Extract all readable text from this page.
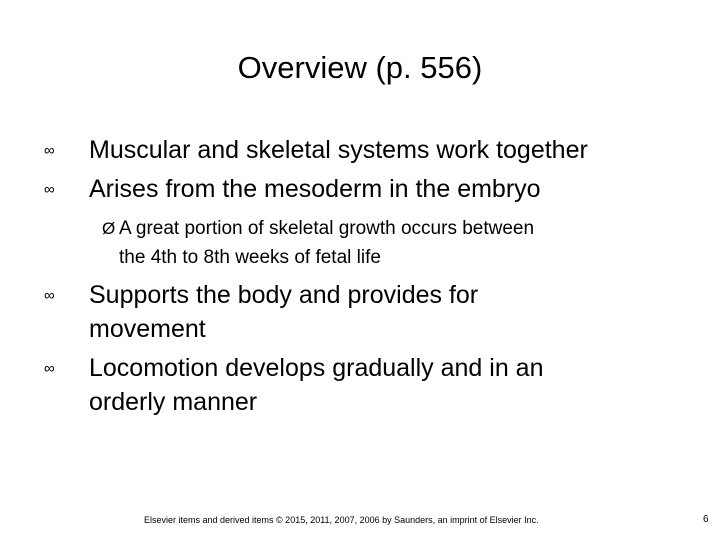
Overview (p. 556)
∞	Muscular and skeletal systems work together
∞	Arises from the mesoderm in the embryo
Ø A great portion of skeletal growth occurs between
the 4th to 8th weeks of fetal life
∞	Supports the body and provides for
movement
∞	Locomotion develops gradually and in an
orderly manner
Elsevier items and derived items © 2015, 2011, 2007, 2006 by Saunders, an imprint of Elsevier Inc.	6
